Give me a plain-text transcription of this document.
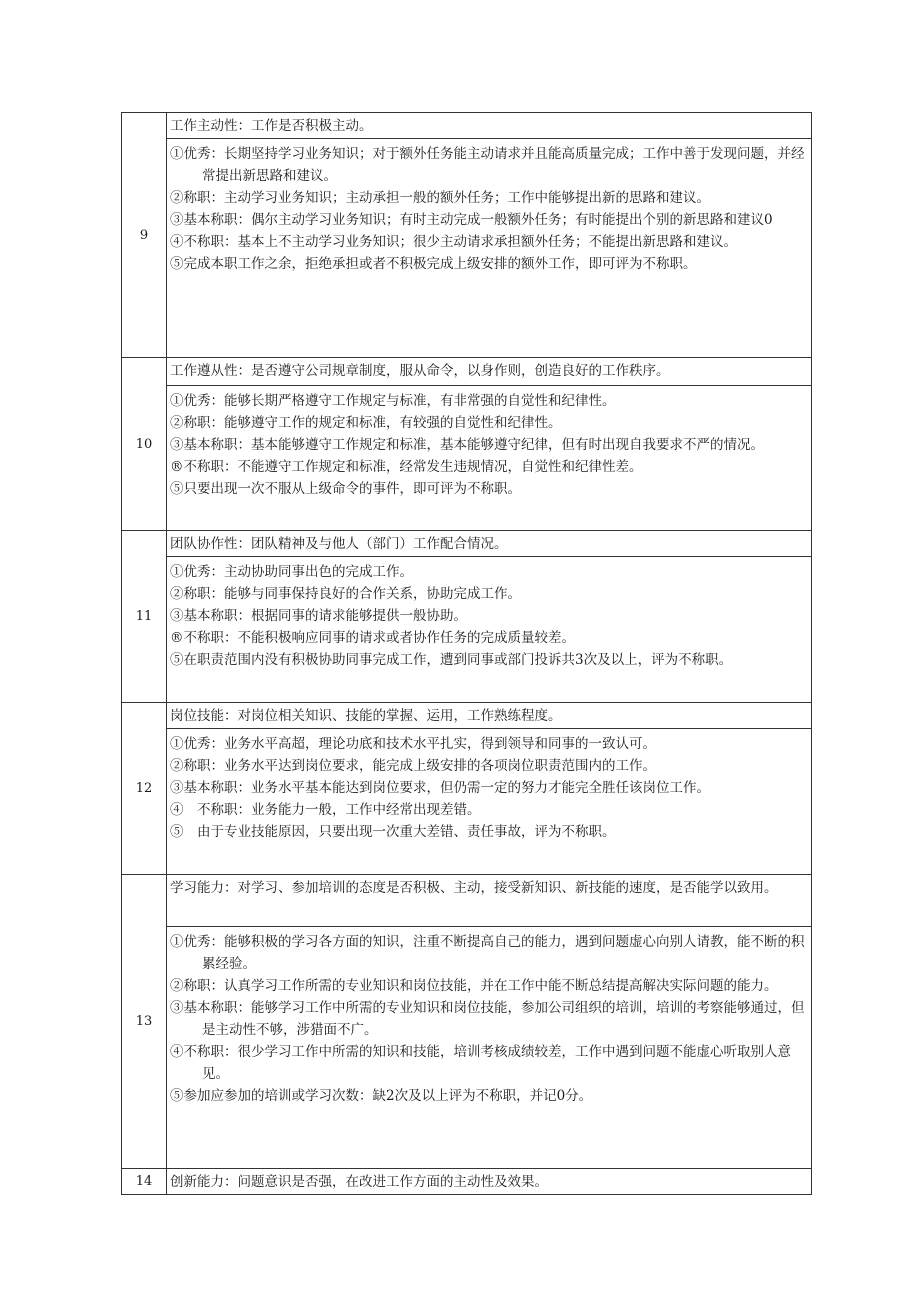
9	工作主动性：工作是否积极主动。

	①优秀：长期坚持学习业务知识；对于额外任务能主动请求并且能高质量完成；工作中善于发现问题，并经常提出新思路和建议。
②称职：主动学习业务知识；主动承担一般的额外任务；工作中能够提出新的思路和建议。
③基本称职：偶尔主动学习业务知识；有时主动完成一般额外任务；有时能提出个别的新思路和建议0
④不称职：基本上不主动学习业务知识；很少主动请求承担额外任务；不能提出新思路和建议。
⑤完成本职工作之余，拒绝承担或者不积极完成上级安排的额外工作，即可评为不称职。

10	工作遵从性：是否遵守公司规章制度，服从命令，以身作则，创造良好的工作秩序。

	①优秀：能够长期严格遵守工作规定与标准，有非常强的自觉性和纪律性。
②称职：能够遵守工作的规定和标准，有较强的自觉性和纪律性。
③基本称职：基本能够遵守工作规定和标准，基本能够遵守纪律，但有时出现自我要求不严的情况。
®不称职：不能遵守工作规定和标准，经常发生违规情况，自觉性和纪律性差。
⑤只要出现一次不服从上级命令的事件，即可评为不称职。

11	团队协作性：团队精神及与他人（部门）工作配合情况。

	①优秀：主动协助同事出色的完成工作。
②称职：能够与同事保持良好的合作关系，协助完成工作。
③基本称职：根据同事的请求能够提供一般协助。
®不称职：不能积极响应同事的请求或者协作任务的完成质量较差。
⑤在职责范围内没有积极协助同事完成工作，遭到同事或部门投诉共3次及以上，评为不称职。

12	岗位技能：对岗位相关知识、技能的掌握、运用，工作熟练程度。

	①优秀：业务水平高超，理论功底和技术水平扎实，得到领导和同事的一致认可。
②称职：业务水平达到岗位要求，能完成上级安排的各项岗位职责范围内的工作。
③基本称职：业务水平基本能达到岗位要求，但仍需一定的努力才能完全胜任该岗位工作。
④　不称职：业务能力一般，工作中经常出现差错。
⑤　由于专业技能原因，只要出现一次重大差错、责任事故，评为不称职。

13	学习能力：对学习、参加培训的态度是否积极、主动，接受新知识、新技能的速度，是否能学以致用。

	①优秀：能够积极的学习各方面的知识，注重不断提高自己的能力，遇到问题虚心向别人请教，能不断的积累经验。
②称职：认真学习工作所需的专业知识和岗位技能，并在工作中能不断总结提高解决实际问题的能力。
③基本称职：能够学习工作中所需的专业知识和岗位技能，参加公司组织的培训，培训的考察能够通过，但是主动性不够，涉猎面不广。
④不称职：很少学习工作中所需的知识和技能，培训考核成绩较差，工作中遇到问题不能虚心听取别人意见。
⑤参加应参加的培训或学习次数：缺2次及以上评为不称职，并记0分。

14	创新能力：问题意识是否强，在改进工作方面的主动性及效果。
